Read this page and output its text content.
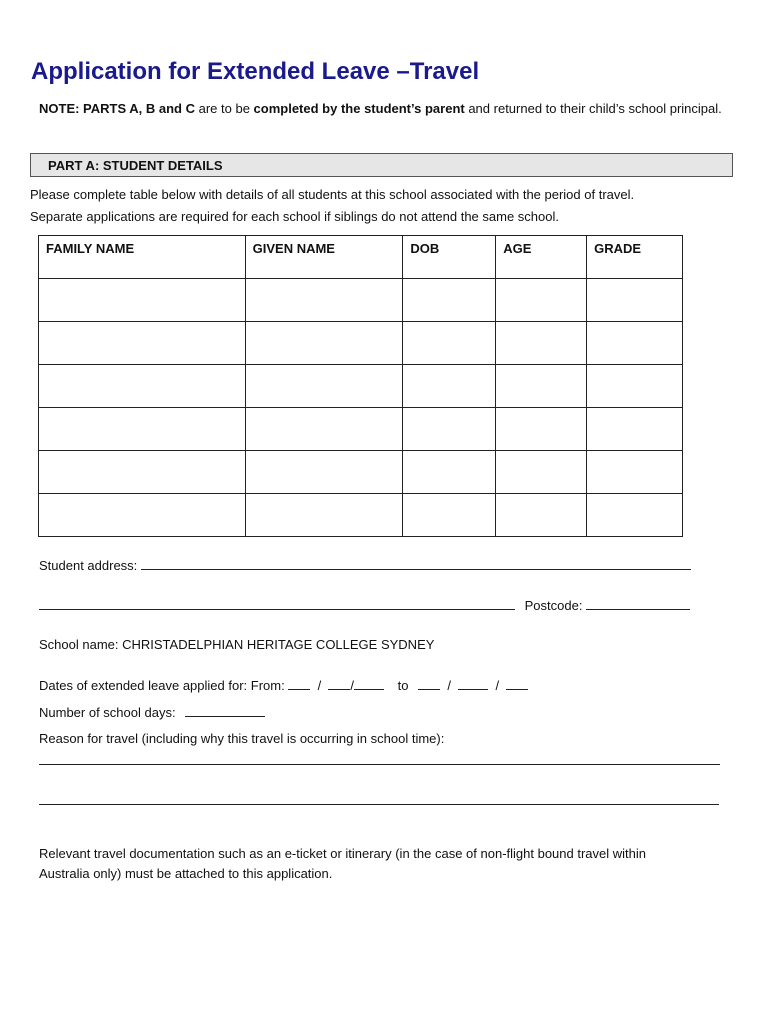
Application for Extended Leave –Travel
NOTE: PARTS A, B and C are to be completed by the student’s parent and returned to their child’s school principal.
PART A: STUDENT DETAILS
Please complete table below with details of all students at this school associated with the period of travel.
Separate applications are required for each school if siblings do not attend the same school.
FAMILY NAME	GIVEN NAME	DOB	AGE	GRADE

Student address:
Postcode:
School name: CHRISTADELPHIAN HERITAGE COLLEGE SYDNEY
Dates of extended leave applied for: From:   /  /	to	/	/
Number of school days:
Reason for travel (including why this travel is occurring in school time):
Relevant travel documentation such as an e-ticket or itinerary (in the case of non-flight bound travel within
Australia only) must be attached to this application.
